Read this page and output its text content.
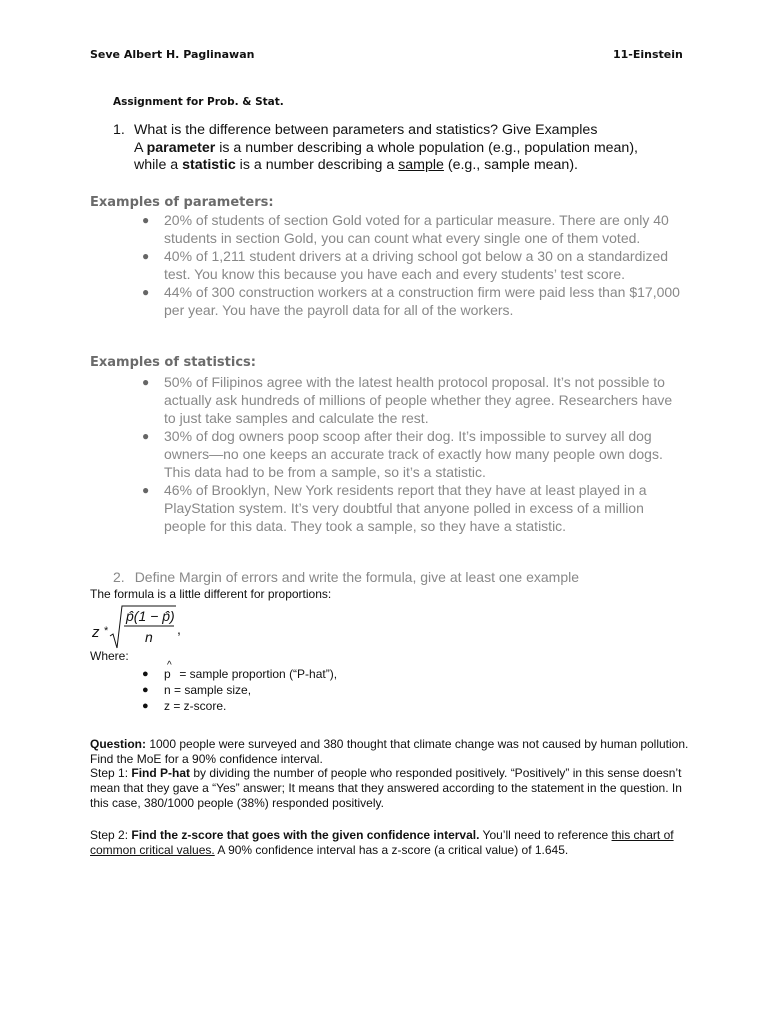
Seve Albert H. Paglinawan	11-Einstein
Assignment for Prob. & Stat.
1. What is the difference between parameters and statistics? Give Examples
A parameter is a number describing a whole population (e.g., population mean),
while a statistic is a number describing a sample (e.g., sample mean).
Examples of parameters:
● 20% of students of section Gold voted for a particular measure. There are only 40 students in section Gold, you can count what every single one of them voted.
● 40% of 1,211 student drivers at a driving school got below a 30 on a standardized test. You know this because you have each and every students’ test score.
● 44% of 300 construction workers at a construction firm were paid less than $17,000 per year. You have the payroll data for all of the workers.
Examples of statistics:
● 50% of Filipinos agree with the latest health protocol proposal. It’s not possible to actually ask hundreds of millions of people whether they agree. Researchers have to just take samples and calculate the rest.
● 30% of dog owners poop scoop after their dog. It’s impossible to survey all dog owners—no one keeps an accurate track of exactly how many people own dogs. This data had to be from a sample, so it’s a statistic.
● 46% of Brooklyn, New York residents report that they have at least played in a PlayStation system. It’s very doubtful that anyone polled in excess of a million people for this data. They took a sample, so they have a statistic.
2. Define Margin of errors and write the formula, give at least one example
The formula is a little different for proportions:
z *
p̂(1 − p̂)
n ,
Where:
●
^
p = sample proportion (“P-hat”),
● n = sample size,
● z = z-score.
Question: 1000 people were surveyed and 380 thought that climate change was not caused by human pollution. Find the MoE for a 90% confidence interval.
Step 1: Find P-hat by dividing the number of people who responded positively. “Positively” in this sense doesn’t mean that they gave a “Yes” answer; It means that they answered according to the statement in the question. In this case, 380/1000 people (38%) responded positively.
Step 2: Find the z-score that goes with the given confidence interval. You’ll need to reference this chart of common critical values. A 90% confidence interval has a z-score (a critical value) of 1.645.
